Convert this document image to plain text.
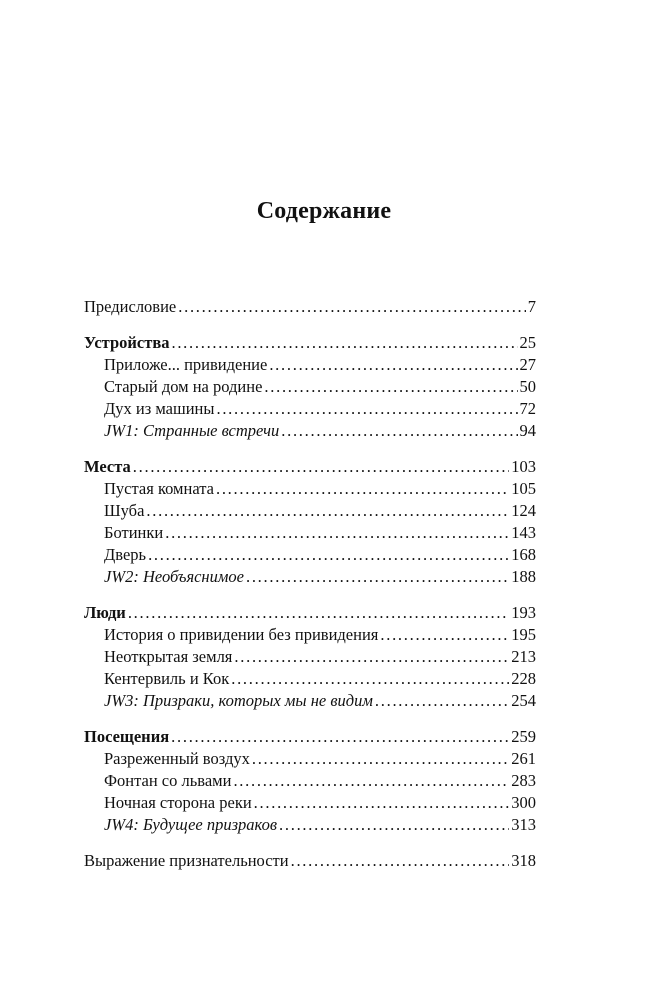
Содержание
Предисловие . . .	7
Устройства . . .	25
Приложе... привидение . . .	27
Старый дом на родине . . .	50
Дух из машины . . .	72
JW1: Странные встречи . . .	94
Места . . .	103
Пустая комната . . .	105
Шуба . . .	124
Ботинки . . .	143
Дверь . . .	168
JW2: Необъяснимое . . .	188
Люди . . .	193
История о привидении без привидения . . .	195
Неоткрытая земля . . .	213
Кентервиль и Кок . . .	228
JW3: Призраки, которых мы не видим . . .	254
Посещения . . .	259
Разреженный воздух . . .	261
Фонтан со львами . . .	283
Ночная сторона реки . . .	300
JW4: Будущее призраков . . .	313
Выражение признательности . . .	318
